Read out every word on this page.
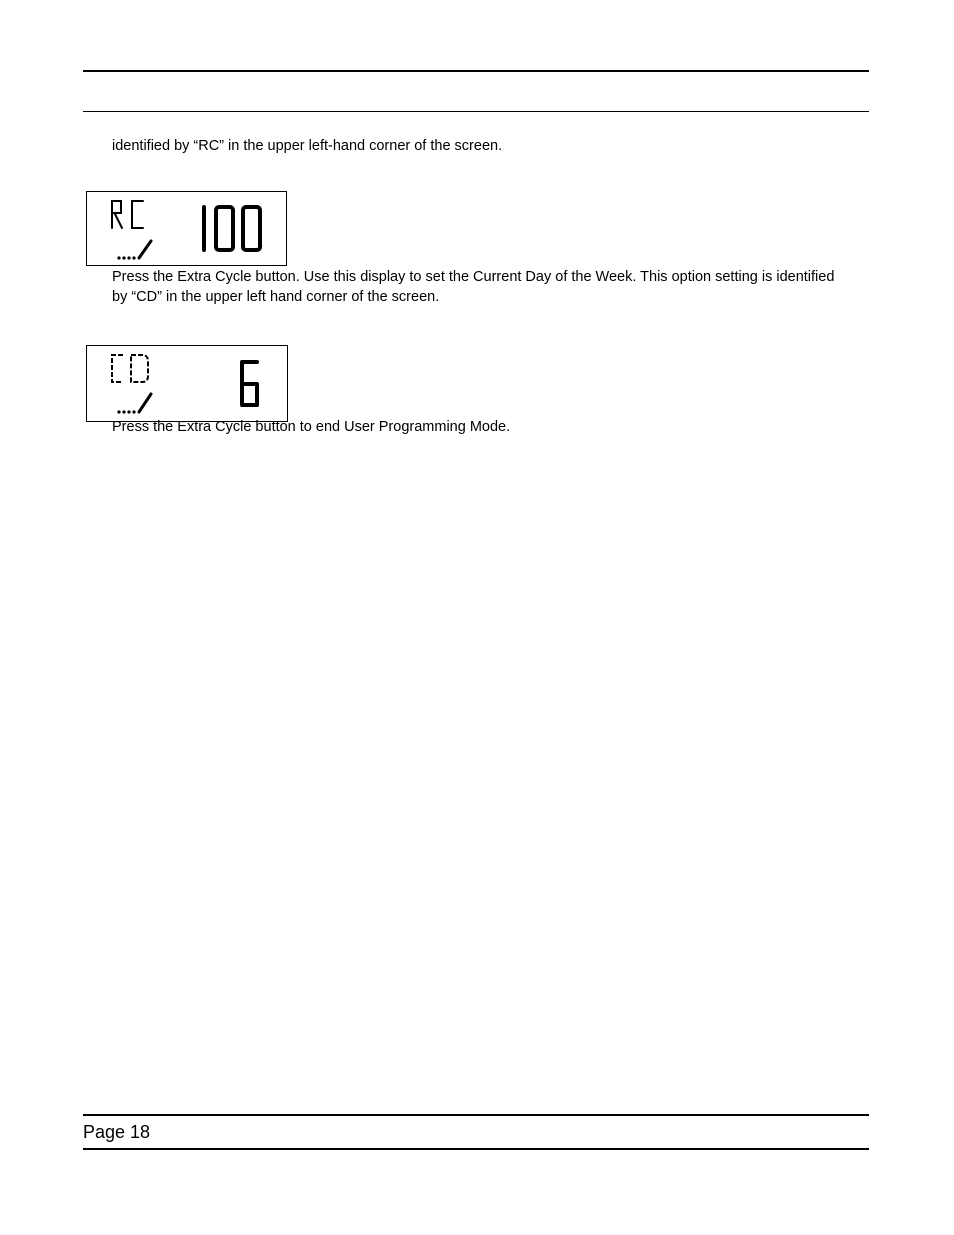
identified by “RC” in the upper left-hand corner of the screen.

Press the Extra Cycle button. Use this display to set the Current Day of the Week. This option setting is identified by “CD” in the upper left hand corner of the screen.

Press the Extra Cycle button to end User Programming Mode.

Page 18
